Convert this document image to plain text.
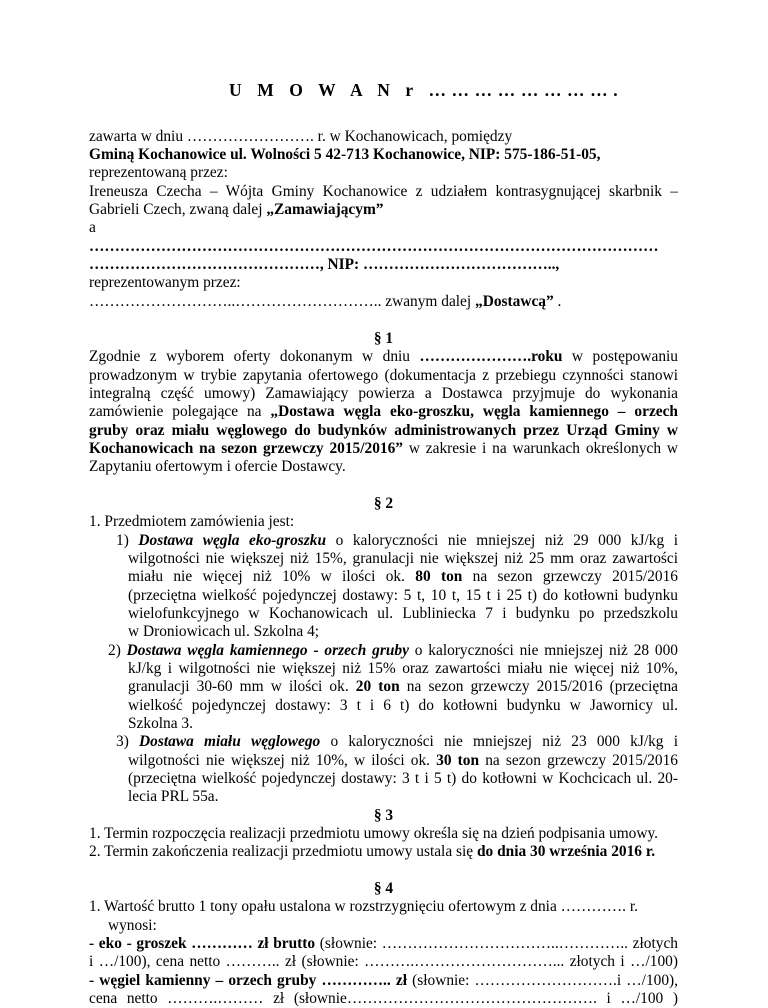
U M O W A N r …………………….
zawarta w dniu ……………………. r. w Kochanowicach, pomiędzy
Gminą Kochanowice ul. Wolności 5 42-713 Kochanowice, NIP: 575-186-51-05,
reprezentowaną przez:
Ireneusza Czecha – Wójta Gminy Kochanowice z udziałem kontrasygnującej skarbnik –
Gabrieli Czech, zwaną dalej „Zamawiającym”
a
…………………………………………………………………………………………………
………………………………………, NIP: ………………………………..,
reprezentowanym przez:
………………………..……………………….. zwanym dalej „Dostawcą” .
§ 1
Zgodnie z wyborem oferty dokonanym w dniu ………………….roku w postępowaniu
prowadzonym w trybie zapytania ofertowego (dokumentacja z przebiegu czynności stanowi
integralną część umowy) Zamawiający powierza a Dostawca przyjmuje do wykonania
zamówienie polegające na „Dostawa węgla eko-groszku, węgla kamiennego – orzech
gruby oraz miału węglowego do budynków administrowanych przez Urząd Gminy w
Kochanowicach na sezon grzewczy 2015/2016” w zakresie i na warunkach określonych w
Zapytaniu ofertowym i ofercie Dostawcy.
§ 2
1. Przedmiotem zamówienia jest:
1) Dostawa węgla eko-groszku o kaloryczności nie mniejszej niż 29 000 kJ/kg i
wilgotności nie większej niż 15%, granulacji nie większej niż 25 mm oraz zawartości
miału nie więcej niż 10% w ilości ok. 80 ton na sezon grzewczy 2015/2016
(przeciętna wielkość pojedynczej dostawy: 5 t, 10 t, 15 t i 25 t) do kotłowni budynku
wielofunkcyjnego w Kochanowicach ul. Lubliniecka 7 i budynku po przedszkolu
w Droniowicach ul. Szkolna 4;
2) Dostawa węgla kamiennego - orzech gruby o kaloryczności nie mniejszej niż 28 000
kJ/kg i wilgotności nie większej niż 15% oraz zawartości miału nie więcej niż 10%,
granulacji 30-60 mm w ilości ok. 20 ton na sezon grzewczy 2015/2016 (przeciętna
wielkość pojedynczej dostawy: 3 t i 6 t) do kotłowni budynku w Jawornicy ul.
Szkolna 3.
3) Dostawa miału węglowego o kaloryczności nie mniejszej niż 23 000 kJ/kg i
wilgotności nie większej niż 10%, w ilości ok. 30 ton na sezon grzewczy 2015/2016
(przeciętna wielkość pojedynczej dostawy: 3 t i 5 t) do kotłowni w Kochcicach ul. 20-
lecia PRL 55a.
§ 3
1. Termin rozpoczęcia realizacji przedmiotu umowy określa się na dzień podpisania umowy.
2. Termin zakończenia realizacji przedmiotu umowy ustala się do dnia 30 września 2016 r.
§ 4
1. Wartość brutto 1 tony opału ustalona w rozstrzygnięciu ofertowym z dnia …………. r.
wynosi:
- eko - groszek ………… zł brutto (słownie: ……………………………..………….. złotych
i …/100), cena netto ……….. zł (słownie: ……….………………………... złotych i …/100)
- węgiel kamienny – orzech gruby ………….. zł (słownie: ……………………….i …/100),
cena netto ……….……… zł (słownie…………………………………………. i …/100 )
